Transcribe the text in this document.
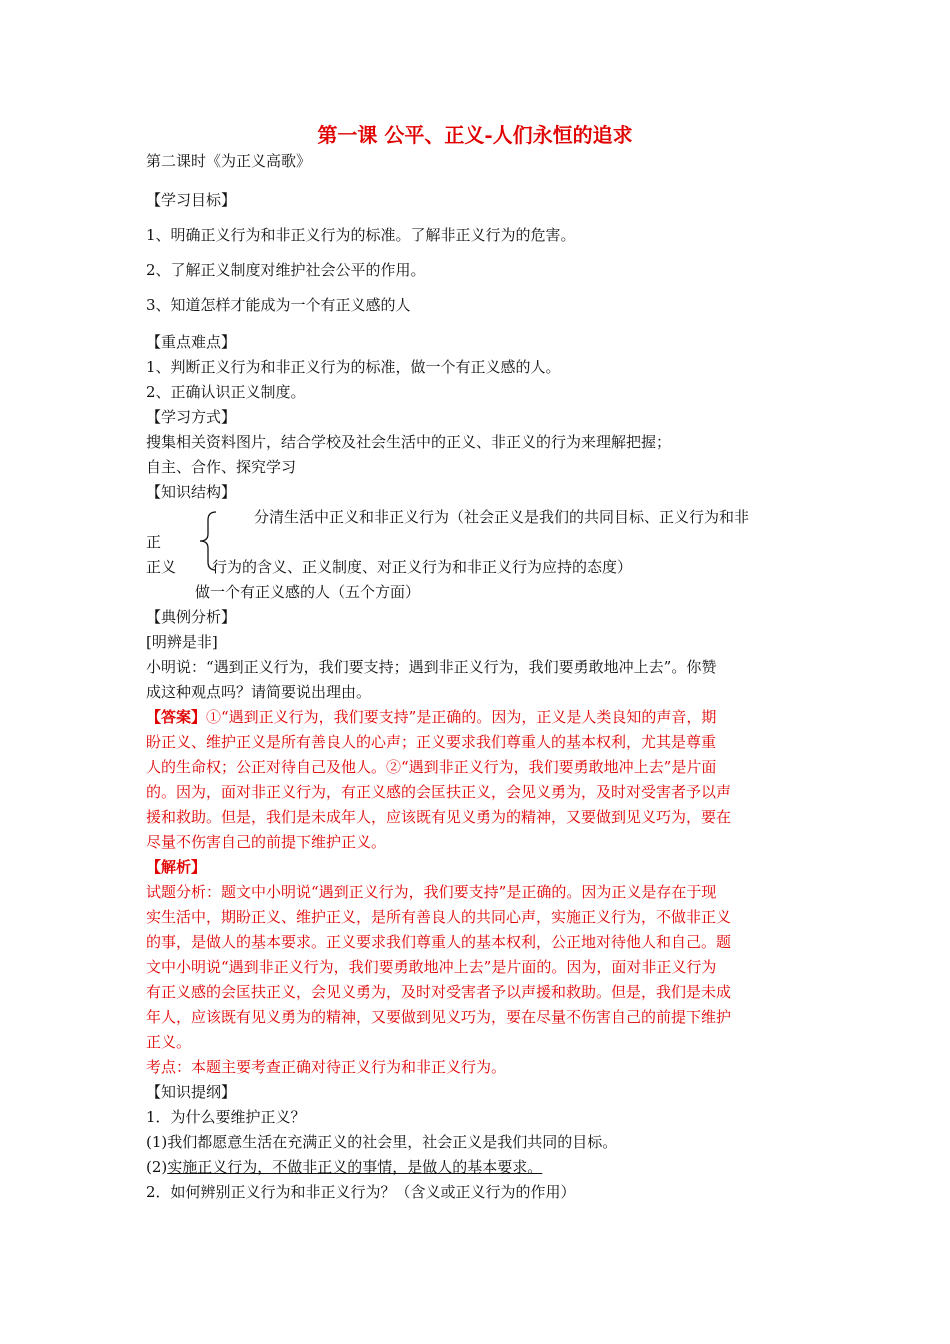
第一课 公平、正义-人们永恒的追求
第二课时《为正义高歌》
【学习目标】
1、明确正义行为和非正义行为的标准。了解非正义行为的危害。
2、了解正义制度对维护社会公平的作用。
3、知道怎样才能成为一个有正义感的人
【重点难点】
1、判断正义行为和非正义行为的标准，做一个有正义感的人。
2、正确认识正义制度。
【学习方式】
搜集相关资料图片，结合学校及社会生活中的正义、非正义的行为来理解把握；
自主、合作、探究学习
【知识结构】
分清生活中正义和非正义行为（社会正义是我们的共同目标、正义行为和非
正
正义 行为的含义、正义制度、对正义行为和非正义行为应持的态度）
做一个有正义感的人（五个方面）
【典例分析】
[明辨是非]
小明说：“遇到正义行为，我们要支持；遇到非正义行为，我们要勇敢地冲上去”。你赞
成这种观点吗？请简要说出理由。
【答案】①“遇到正义行为，我们要支持”是正确的。因为，正义是人类良知的声音，期
盼正义、维护正义是所有善良人的心声；正义要求我们尊重人的基本权利，尤其是尊重
人的生命权；公正对待自己及他人。②“遇到非正义行为，我们要勇敢地冲上去”是片面
的。因为，面对非正义行为，有正义感的会匡扶正义，会见义勇为，及时对受害者予以声
援和救助。但是，我们是未成年人，应该既有见义勇为的精神，又要做到见义巧为，要在
尽量不伤害自己的前提下维护正义。
【解析】
试题分析：题文中小明说“遇到正义行为，我们要支持”是正确的。因为正义是存在于现
实生活中，期盼正义、维护正义，是所有善良人的共同心声，实施正义行为，不做非正义
的事，是做人的基本要求。正义要求我们尊重人的基本权利，公正地对待他人和自己。题
文中小明说“遇到非正义行为，我们要勇敢地冲上去”是片面的。因为，面对非正义行为
有正义感的会匡扶正义，会见义勇为，及时对受害者予以声援和救助。但是，我们是未成
年人，应该既有见义勇为的精神，又要做到见义巧为，要在尽量不伤害自己的前提下维护
正义。
考点：本题主要考查正确对待正义行为和非正义行为。
【知识提纲】
1．为什么要维护正义？
(1)我们都愿意生活在充满正义的社会里，社会正义是我们共同的目标。
(2)实施正义行为，不做非正义的事情，是做人的基本要求。
2．如何辨别正义行为和非正义行为？（含义或正义行为的作用）
